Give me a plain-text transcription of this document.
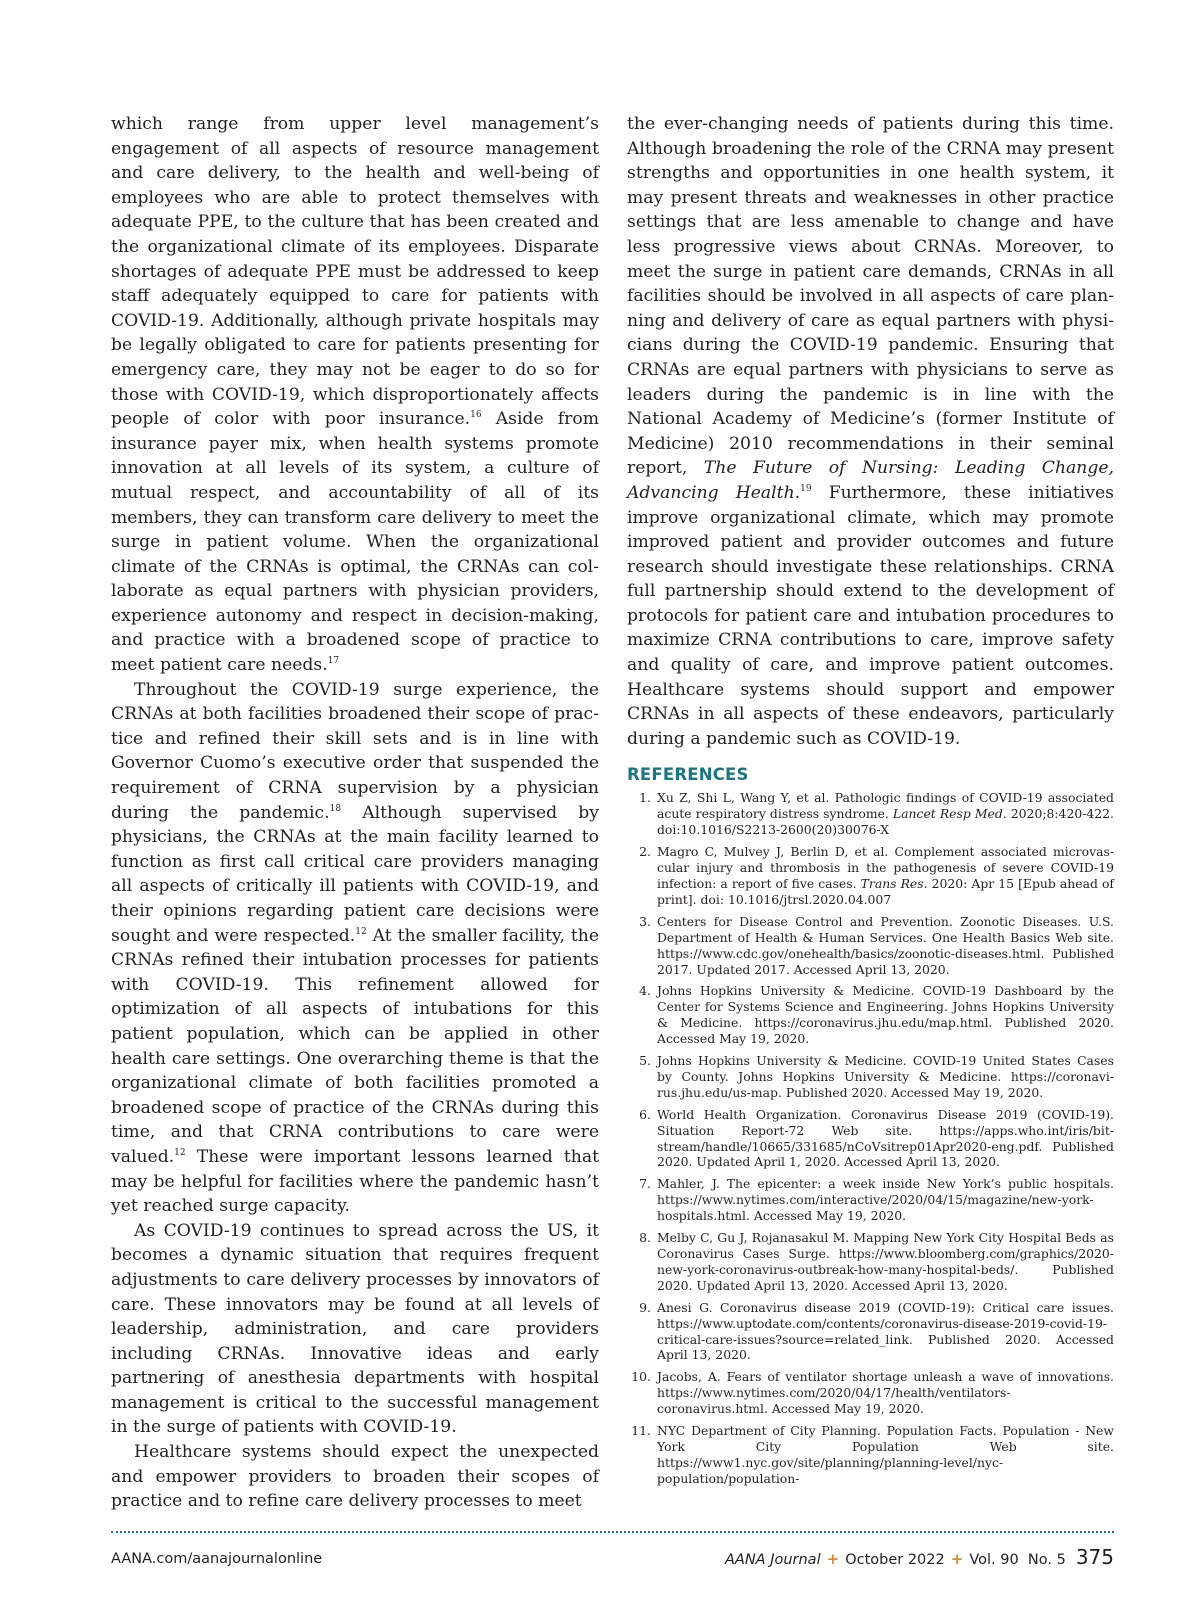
which range from upper level management’s engagement of all aspects of resource management and care delivery, to the health and well-being of employees who are able to protect themselves with adequate PPE, to the culture that has been created and the organizational climate of its employees. Disparate shortages of adequate PPE must be addressed to keep staff adequately equipped to care for patients with COVID-19. Additionally, although private hospitals may be legally obligated to care for patients presenting for emergency care, they may not be eager to do so for those with COVID-19, which disproportionately affects people of color with poor insurance.$^{16}$ Aside from insurance payer mix, when health systems promote innovation at all levels of its system, a culture of mutual respect, and accountability of all of its members, they can transform care delivery to meet the surge in patient volume. When the organizational climate of the CRNAs is optimal, the CRNAs can collaborate as equal partners with physician providers, experience autonomy and respect in decision-making, and practice with a broadened scope of practice to meet patient care needs.$^{17}$

Throughout the COVID-19 surge experience, the CRNAs at both facilities broadened their scope of practice and refined their skill sets and is in line with Governor Cuomo’s executive order that suspended the requirement of CRNA supervision by a physician during the pandemic.$^{18}$ Although supervised by physicians, the CRNAs at the main facility learned to function as first call critical care providers managing all aspects of critically ill patients with COVID-19, and their opinions regarding patient care decisions were sought and were respected.$^{12}$ At the smaller facility, the CRNAs refined their intubation processes for patients with COVID-19. This refinement allowed for optimization of all aspects of intubations for this patient population, which can be applied in other health care settings. One overarching theme is that the organizational climate of both facilities promoted a broadened scope of practice of the CRNAs during this time, and that CRNA contributions to care were valued.$^{12}$ These were important lessons learned that may be helpful for facilities where the pandemic hasn’t yet reached surge capacity.

As COVID-19 continues to spread across the US, it becomes a dynamic situation that requires frequent adjustments to care delivery processes by innovators of care. These innovators may be found at all levels of leadership, administration, and care providers including CRNAs. Innovative ideas and early partnering of anesthesia departments with hospital management is critical to the successful management in the surge of patients with COVID-19.

Healthcare systems should expect the unexpected and empower providers to broaden their scopes of practice and to refine care delivery processes to meet

the ever-changing needs of patients during this time. Although broadening the role of the CRNA may present strengths and opportunities in one health system, it may present threats and weaknesses in other practice settings that are less amenable to change and have less progressive views about CRNAs. Moreover, to meet the surge in patient care demands, CRNAs in all facilities should be involved in all aspects of care planning and delivery of care as equal partners with physicians during the COVID-19 pandemic. Ensuring that CRNAs are equal partners with physicians to serve as leaders during the pandemic is in line with the National Academy of Medicine’s (former Institute of Medicine) 2010 recommendations in their seminal report, The Future of Nursing: Leading Change, Advancing Health.$^{19}$ Furthermore, these initiatives improve organizational climate, which may promote improved patient and provider outcomes and future research should investigate these relationships. CRNA full partnership should extend to the development of protocols for patient care and intubation procedures to maximize CRNA contributions to care, improve safety and quality of care, and improve patient outcomes. Healthcare systems should support and empower CRNAs in all aspects of these endeavors, particularly during a pandemic such as COVID-19.

REFERENCES
1. Xu Z, Shi L, Wang Y, et al. Pathologic findings of COVID-19 associated acute respiratory distress syndrome. Lancet Resp Med. 2020;8:420-422. doi:10.1016/S2213-2600(20)30076-X
2. Magro C, Mulvey J, Berlin D, et al. Complement associated microvascular injury and thrombosis in the pathogenesis of severe COVID-19 infection: a report of five cases. Trans Res. 2020: Apr 15 [Epub ahead of print]. doi: 10.1016/jtrsl.2020.04.007
3. Centers for Disease Control and Prevention. Zoonotic Diseases. U.S. Department of Health & Human Services. One Health Basics Web site. https://www.cdc.gov/onehealth/basics/zoonotic-diseases.html. Published 2017. Updated 2017. Accessed April 13, 2020.
4. Johns Hopkins University & Medicine. COVID-19 Dashboard by the Center for Systems Science and Engineering. Johns Hopkins University & Medicine. https://coronavirus.jhu.edu/map.html. Published 2020. Accessed May 19, 2020.
5. Johns Hopkins University & Medicine. COVID-19 United States Cases by County. Johns Hopkins University & Medicine. https://coronavirus.jhu.edu/us-map. Published 2020. Accessed May 19, 2020.
6. World Health Organization. Coronavirus Disease 2019 (COVID-19). Situation Report-72 Web site. https://apps.who.int/iris/bitstream/handle/10665/331685/nCoVsitrep01Apr2020-eng.pdf. Published 2020. Updated April 1, 2020. Accessed April 13, 2020.
7. Mahler, J. The epicenter: a week inside New York’s public hospitals. https://www.nytimes.com/interactive/2020/04/15/magazine/new-york-hospitals.html. Accessed May 19, 2020.
8. Melby C, Gu J, Rojanasakul M. Mapping New York City Hospital Beds as Coronavirus Cases Surge. https://www.bloomberg.com/graphics/2020-new-york-coronavirus-outbreak-how-many-hospital-beds/. Published 2020. Updated April 13, 2020. Accessed April 13, 2020.
9. Anesi G. Coronavirus disease 2019 (COVID-19): Critical care issues. https://www.uptodate.com/contents/coronavirus-disease-2019-covid-19-critical-care-issues?source=related_link. Published 2020. Accessed April 13, 2020.
10. Jacobs, A. Fears of ventilator shortage unleash a wave of innovations. https://www.nytimes.com/2020/04/17/health/ventilators-coronavirus.html. Accessed May 19, 2020.
11. NYC Department of City Planning. Population Facts. Population - New York City Population Web site. https://www1.nyc.gov/site/planning/planning-level/nyc-population/population-
AANA.com/aanajournalonline	AANA Journal + October 2022 + Vol. 90  No. 5 375
